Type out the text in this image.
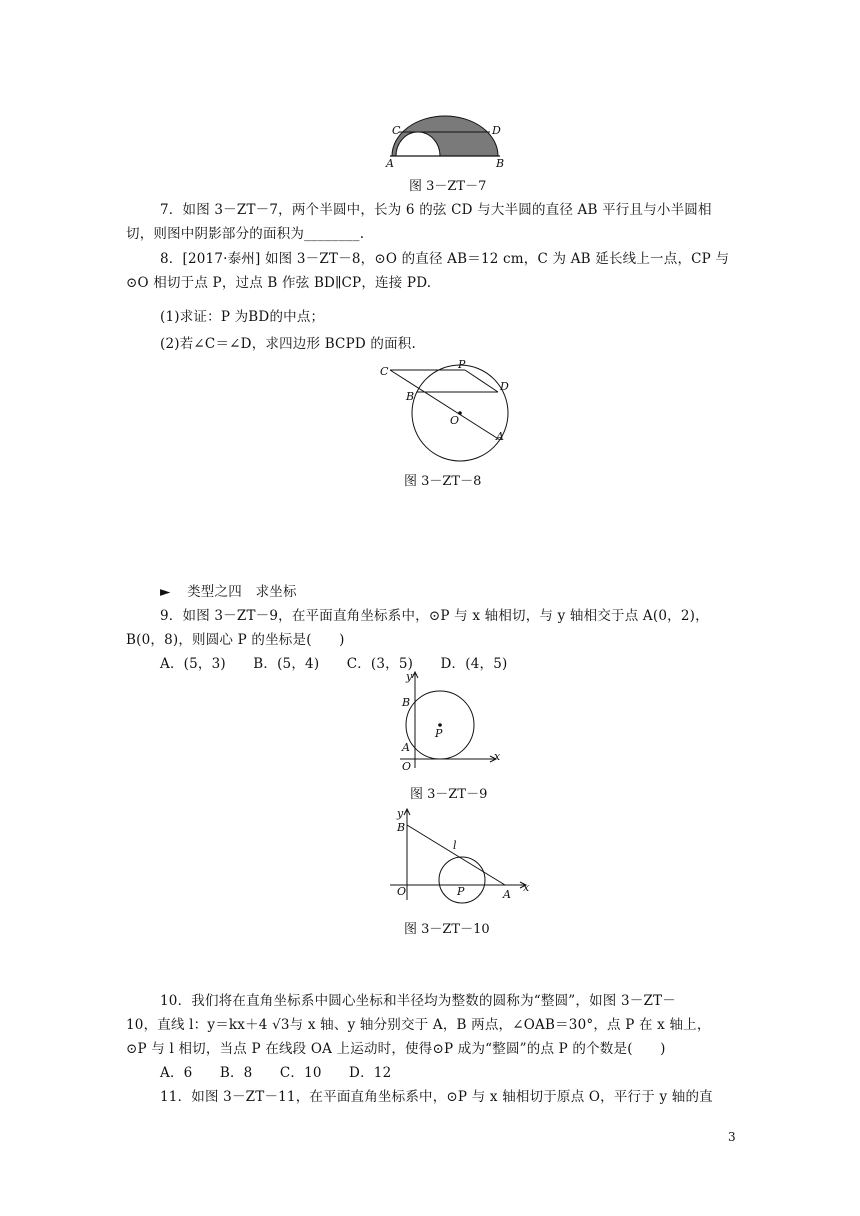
C	D
A	B
图 3－ZT－7
7．如图 3－ZT－7，两个半圆中，长为 6 的弦 CD 与大半圆的直径 AB 平行且与小半圆相
切，则图中阴影部分的面积为________.
8．[2017·泰州] 如图 3－ZT－8，⊙O 的直径 AB＝12 cm，C 为 AB 延长线上一点，CP 与
⊙O 相切于点 P，过点 B 作弦 BD∥CP，连接 PD.
(1)求证：P 为BD的中点；
(2)若∠C＝∠D，求四边形 BCPD 的面积.
C
P
D
B
O
A
图 3－ZT－8
► 类型之四　求坐标
9．如图 3－ZT－9，在平面直角坐标系中，⊙P 与 x 轴相切，与 y 轴相交于点 A(0，2)，
B(0，8)，则圆心 P 的坐标是(　　)
A．(5，3)　　B．(5，4)　　C．(3，5)　　D．(4，5)
y
x
B
P
A
O
图 3－ZT－9
y
x
B
l
O	P	A
图 3－ZT－10
10．我们将在直角坐标系中圆心坐标和半径均为整数的圆称为“整圆”，如图 3－ZT－
10，直线 l：y＝kx＋4 √3与 x 轴、y 轴分别交于 A，B 两点，∠OAB＝30°，点 P 在 x 轴上，
⊙P 与 l 相切，当点 P 在线段 OA 上运动时，使得⊙P 成为“整圆”的点 P 的个数是(　　)
A．6　　B．8　　C．10　　D．12
11．如图 3－ZT－11，在平面直角坐标系中，⊙P 与 x 轴相切于原点 O，平行于 y 轴的直
3
